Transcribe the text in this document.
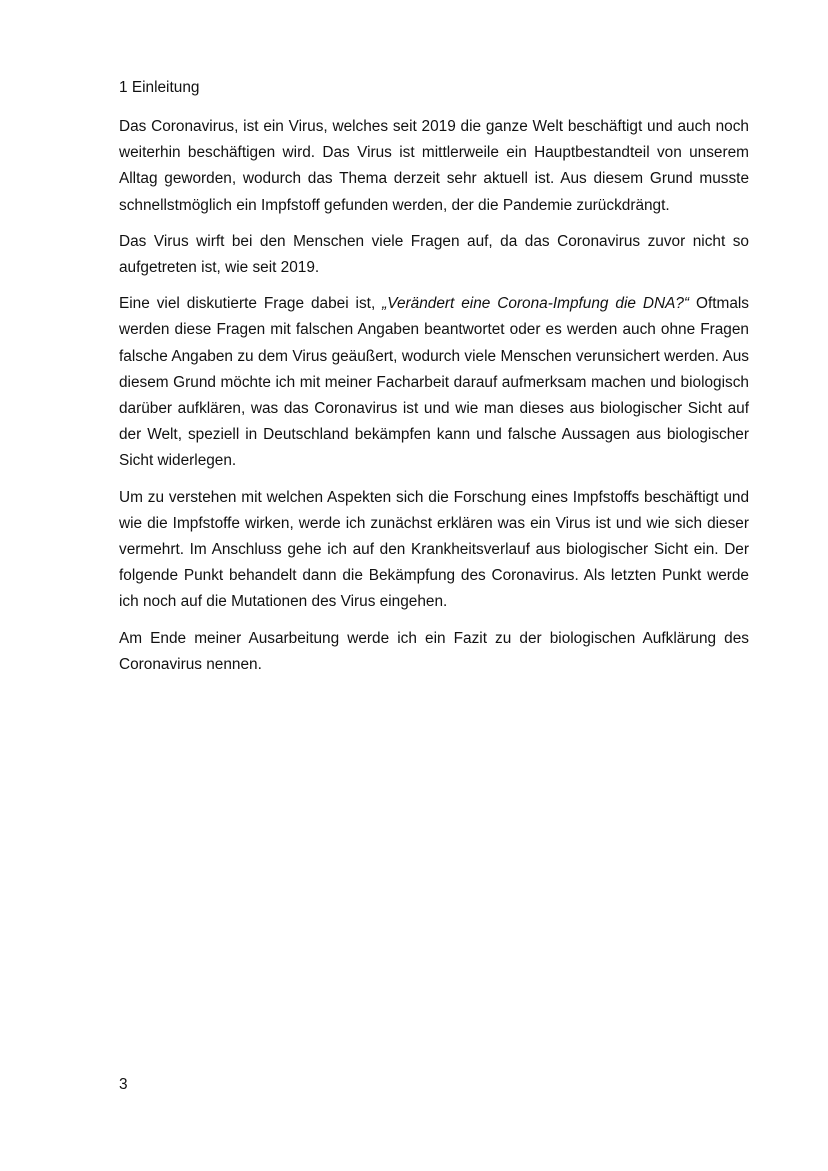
1 Einleitung

Das Coronavirus, ist ein Virus, welches seit 2019 die ganze Welt beschäftigt und auch noch weiterhin beschäftigen wird. Das Virus ist mittlerweile ein Hauptbestandteil von unserem Alltag geworden, wodurch das Thema derzeit sehr aktuell ist. Aus diesem Grund musste schnellstmöglich ein Impfstoff gefunden werden, der die Pandemie zurückdrängt.

Das Virus wirft bei den Menschen viele Fragen auf, da das Coronavirus zuvor nicht so aufgetreten ist, wie seit 2019.

Eine viel diskutierte Frage dabei ist, „Verändert eine Corona-Impfung die DNA?“ Oftmals werden diese Fragen mit falschen Angaben beantwortet oder es werden auch ohne Fragen falsche Angaben zu dem Virus geäußert, wodurch viele Menschen verunsichert werden. Aus diesem Grund möchte ich mit meiner Facharbeit darauf aufmerksam machen und biologisch darüber aufklären, was das Coronavirus ist und wie man dieses aus biologischer Sicht auf der Welt, speziell in Deutschland bekämpfen kann und falsche Aussagen aus biologischer Sicht widerlegen.

Um zu verstehen mit welchen Aspekten sich die Forschung eines Impfstoffs beschäftigt und wie die Impfstoffe wirken, werde ich zunächst erklären was ein Virus ist und wie sich dieser vermehrt. Im Anschluss gehe ich auf den Krankheitsverlauf aus biologischer Sicht ein. Der folgende Punkt behandelt dann die Bekämpfung des Coronavirus. Als letzten Punkt werde ich noch auf die Mutationen des Virus eingehen.

Am Ende meiner Ausarbeitung werde ich ein Fazit zu der biologischen Aufklärung des Coronavirus nennen.

3
